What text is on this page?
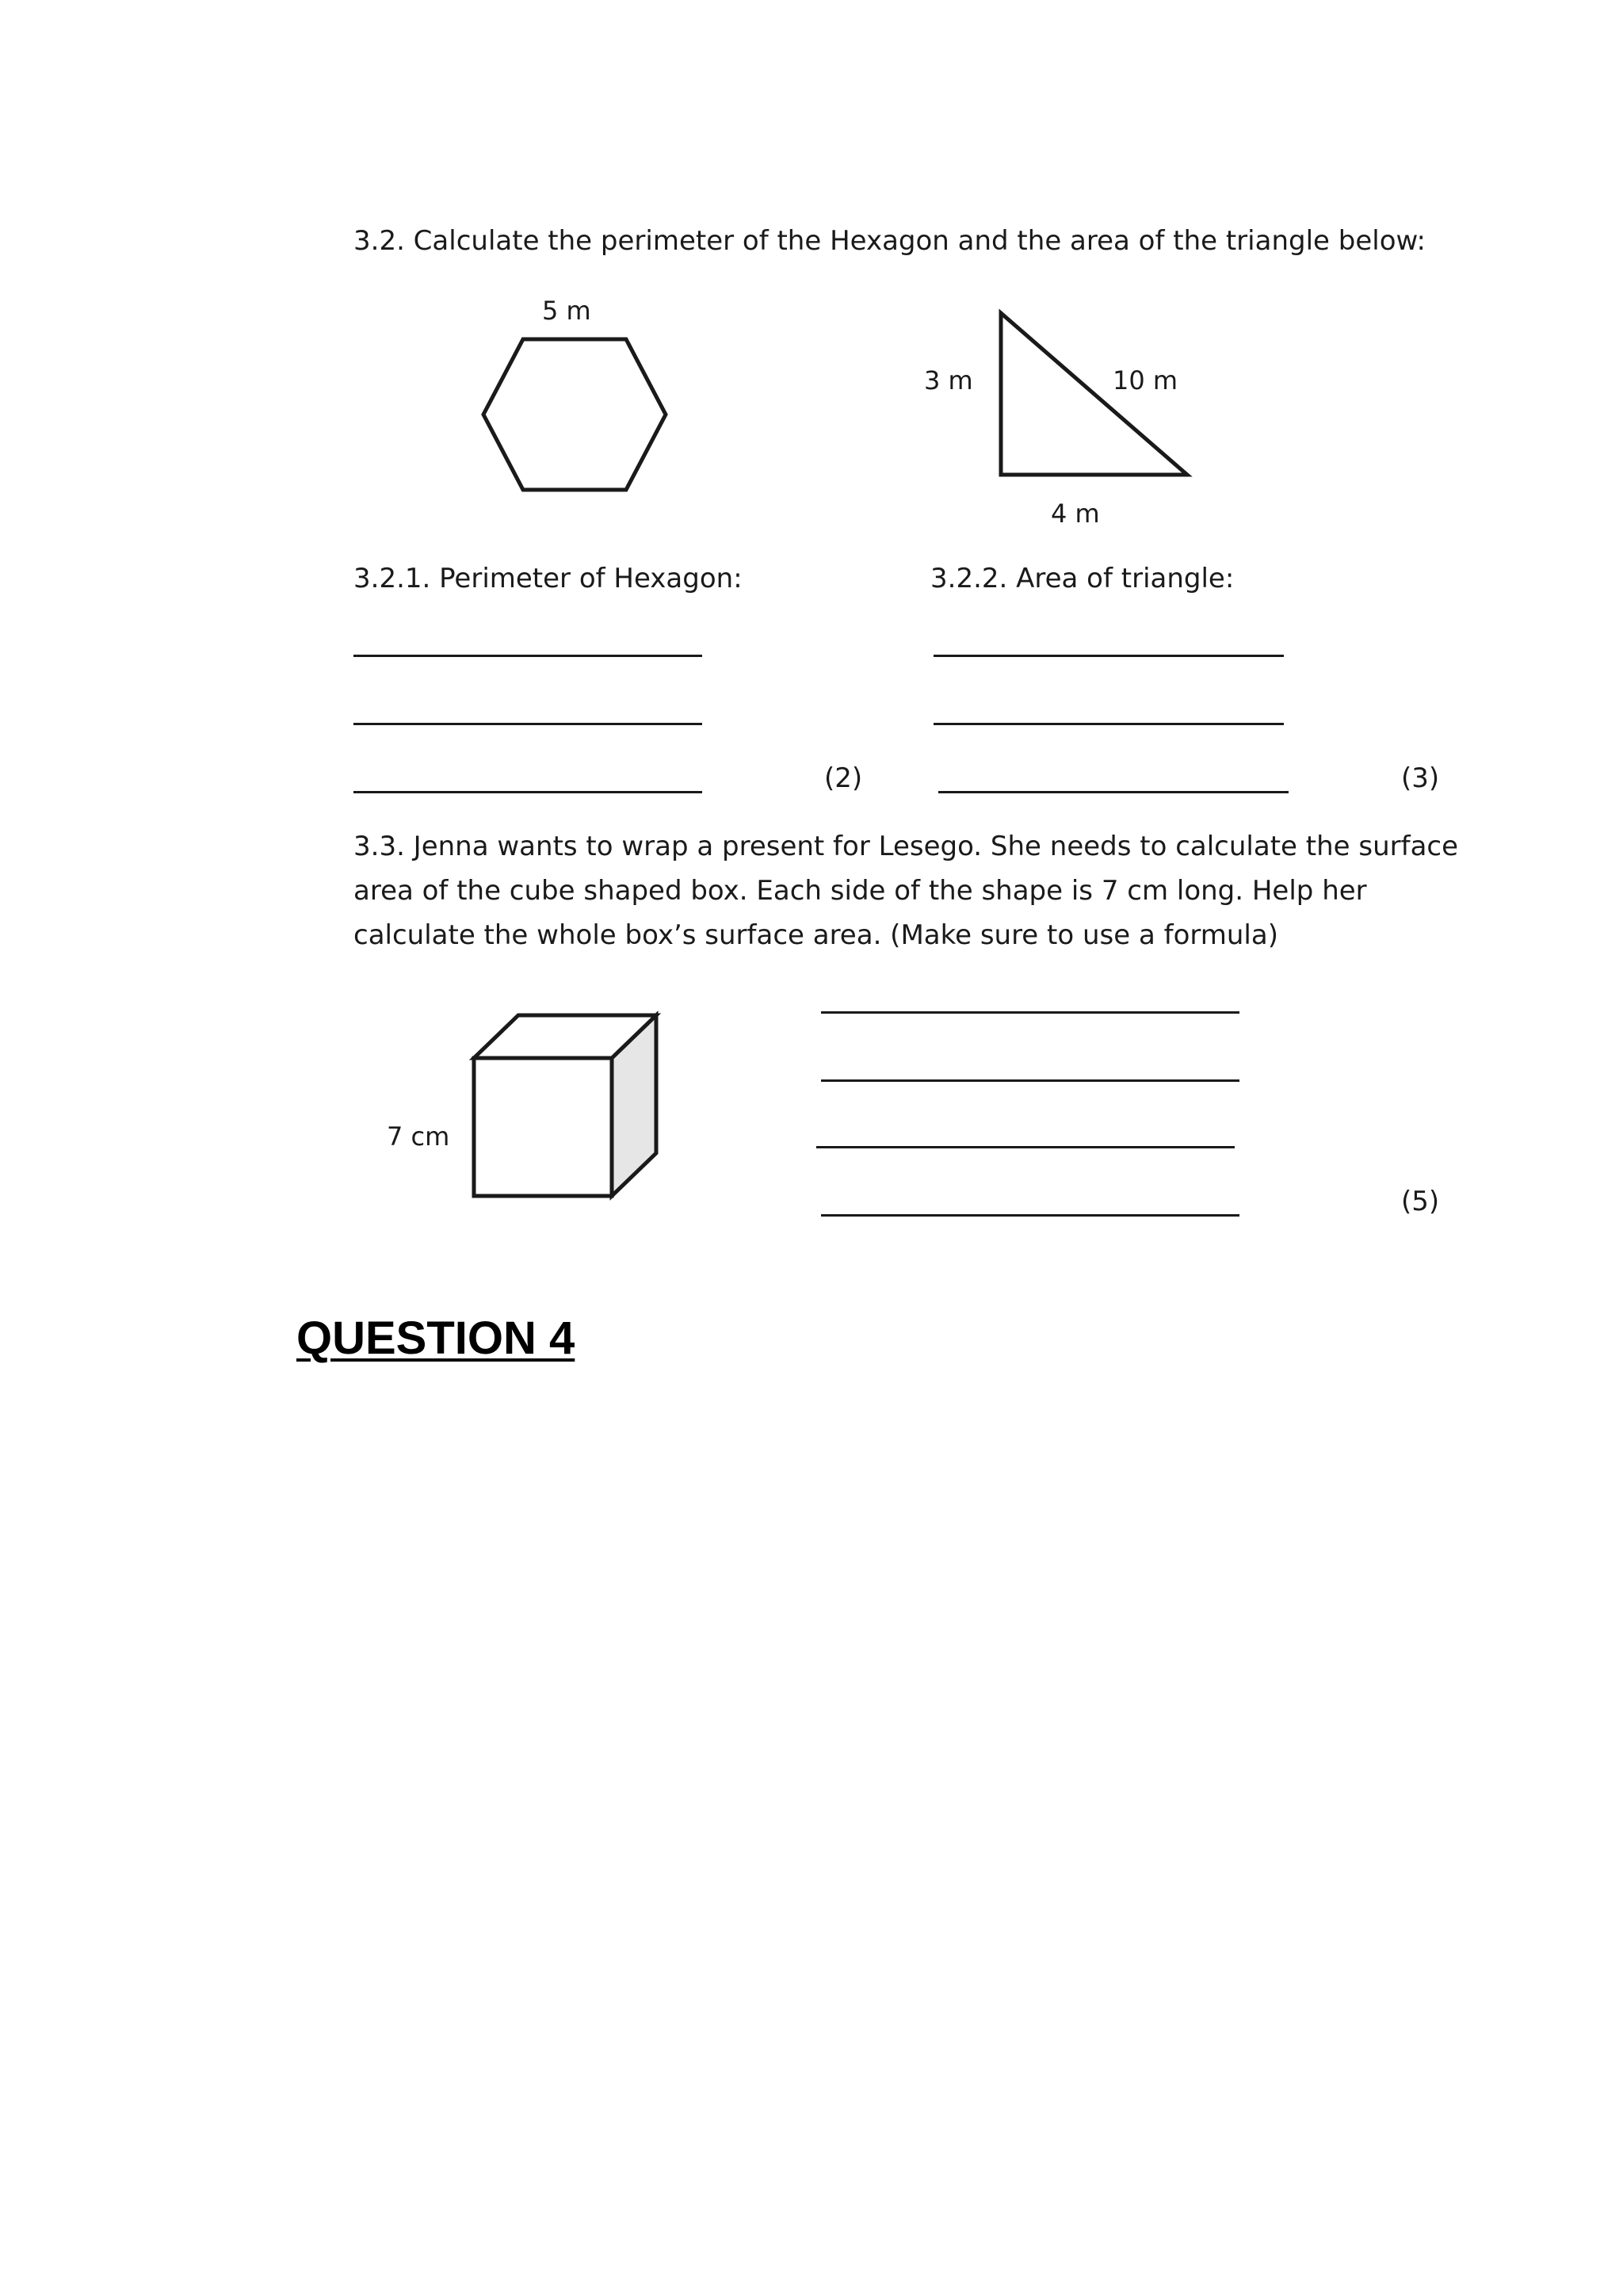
3.2. Calculate the perimeter of the Hexagon and the area of the triangle below:

5 m
3 m	10 m
4 m

3.2.1. Perimeter of Hexagon:	3.2.2. Area of triangle:

(2)	(3)
3.3. Jenna wants to wrap a present for Lesego. She needs to calculate the surface
area of the cube shaped box. Each side of the shape is 7 cm long. Help her
calculate the whole box’s surface area. (Make sure to use a formula)
7 cm
(5)
QUESTION 4
